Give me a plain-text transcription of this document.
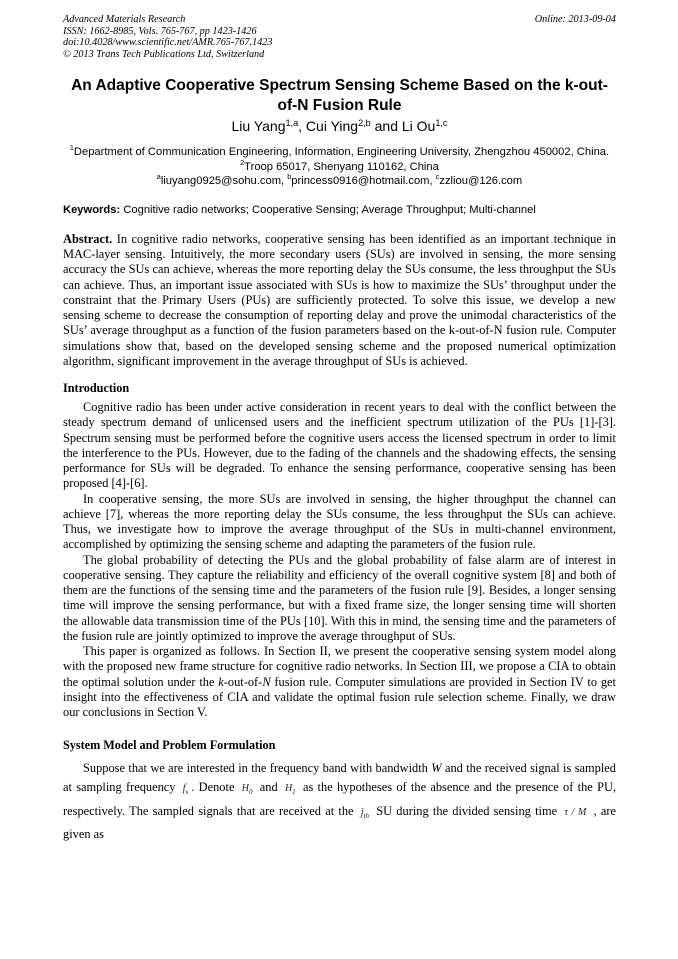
Advanced Materials Research
ISSN: 1662-8985, Vols. 765-767, pp 1423-1426
doi:10.4028/www.scientific.net/AMR.765-767.1423
© 2013 Trans Tech Publications Ltd, Switzerland
Online: 2013-09-04
An Adaptive Cooperative Spectrum Sensing Scheme Based on the k-out-of-N Fusion Rule
Liu Yang$^{1,a}$, Cui Ying$^{2,b}$ and Li Ou$^{1,c}$
$^1$Department of Communication Engineering, Information, Engineering University, Zhengzhou 450002, China.
$^2$Troop 65017, Shenyang 110162, China
$^a$liuyang0925@sohu.com, $^b$princess0916@hotmail.com, $^c$zzliou@126.com
Keywords: Cognitive radio networks; Cooperative Sensing; Average Throughput; Multi-channel
Abstract. In cognitive radio networks, cooperative sensing has been identified as an important technique in MAC-layer sensing. Intuitively, the more secondary users (SUs) are involved in sensing, the more sensing accuracy the SUs can achieve, whereas the more reporting delay the SUs consume, the less throughput the SUs can achieve. Thus, an important issue associated with SUs is how to maximize the SUs’ throughput under the constraint that the Primary Users (PUs) are sufficiently protected. To solve this issue, we develop a new sensing scheme to decrease the consumption of reporting delay and prove the unimodal characteristics of the SUs’ average throughput as a function of the fusion parameters based on the k-out-of-N fusion rule. Computer simulations show that, based on the developed sensing scheme and the proposed numerical optimization algorithm, significant improvement in the average throughput of SUs is achieved.
Introduction
Cognitive radio has been under active consideration in recent years to deal with the conflict between the steady spectrum demand of unlicensed users and the inefficient spectrum utilization of the PUs [1]-[3]. Spectrum sensing must be performed before the cognitive users access the licensed spectrum in order to limit the interference to the PUs. However, due to the fading of the channels and the shadowing effects, the sensing performance for SUs will be degraded. To enhance the sensing performance, cooperative sensing has been proposed [4]-[6].
In cooperative sensing, the more SUs are involved in sensing, the higher throughput the channel can achieve [7], whereas the more reporting delay the SUs consume, the less throughput the SUs can achieve. Thus, we investigate how to improve the average throughput of the SUs in multi-channel environment, accomplished by optimizing the sensing scheme and adapting the parameters of the fusion rule.
The global probability of detecting the PUs and the global probability of false alarm are of interest in cooperative sensing. They capture the reliability and efficiency of the overall cognitive system [8] and both of them are the functions of the sensing time and the parameters of the fusion rule [9]. Besides, a longer sensing time will improve the sensing performance, but with a fixed frame size, the longer sensing time will shorten the allowable data transmission time of the PUs [10]. With this in mind, the sensing time and the parameters of the fusion rule are jointly optimized to improve the average throughput of SUs.
This paper is organized as follows. In Section II, we present the cooperative sensing system model along with the proposed new frame structure for cognitive radio networks. In Section III, we propose a CIA to obtain the optimal solution under the k-out-of-N fusion rule. Computer simulations are provided in Section IV to get insight into the effectiveness of CIA and validate the optimal fusion rule selection scheme. Finally, we draw our conclusions in Section V.
System Model and Problem Formulation
Suppose that we are interested in the frequency band with bandwidth W and the received signal is sampled at sampling frequency $f_s$ . Denote $H_0$ and $H_1$ as the hypotheses of the absence and the presence of the PU, respectively. The sampled signals that are received at the $j_{th}$ SU during the divided sensing time τ / M , are given as
